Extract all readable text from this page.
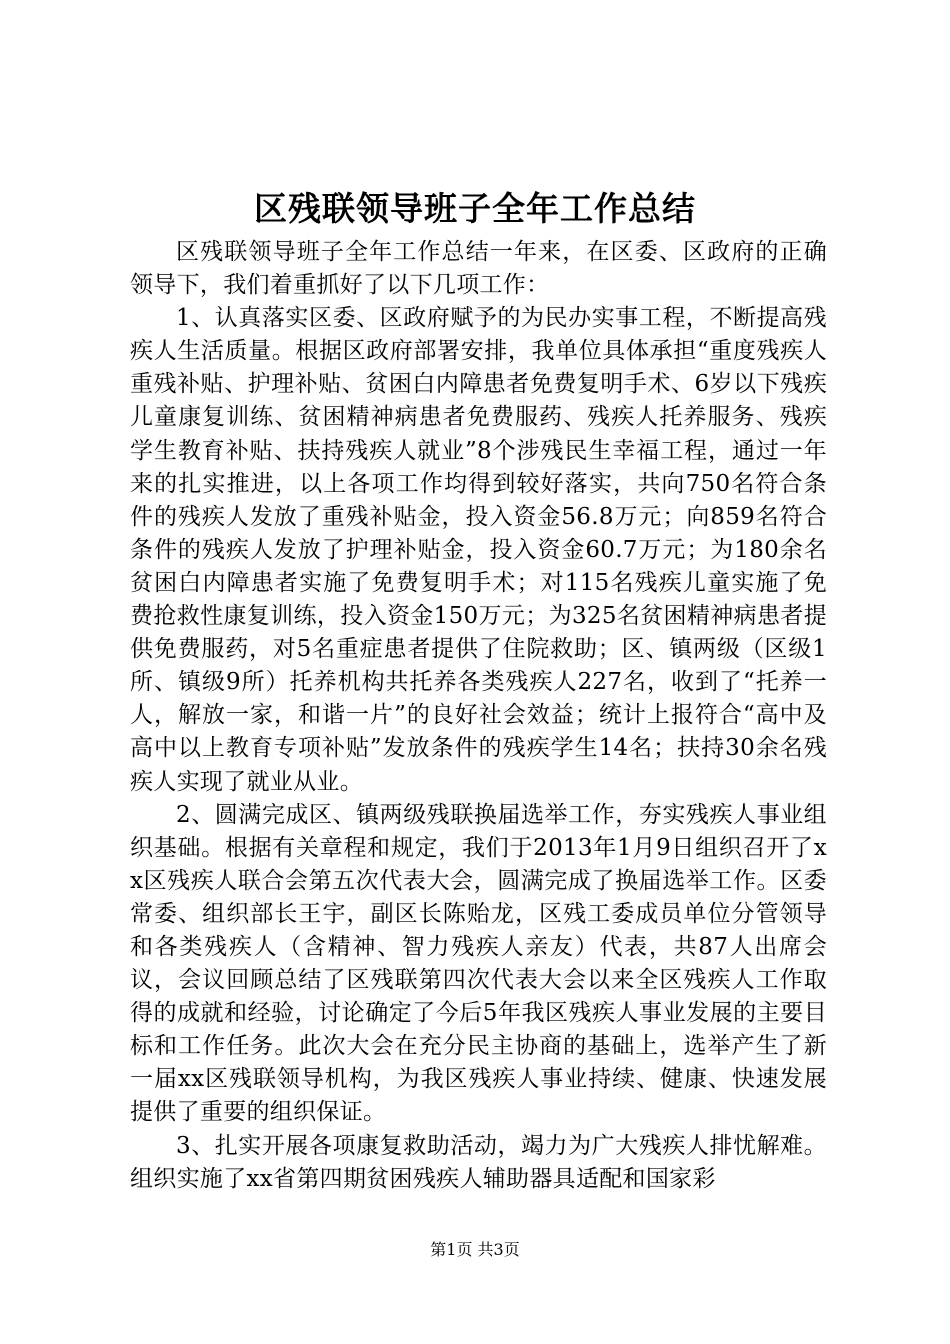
区残联领导班子全年工作总结

区残联领导班子全年工作总结一年来，在区委、区政府的正确领导下，我们着重抓好了以下几项工作：

1、认真落实区委、区政府赋予的为民办实事工程，不断提高残疾人生活质量。根据区政府部署安排，我单位具体承担“重度残疾人重残补贴、护理补贴、贫困白内障患者免费复明手术、6岁以下残疾儿童康复训练、贫困精神病患者免费服药、残疾人托养服务、残疾学生教育补贴、扶持残疾人就业”8个涉残民生幸福工程，通过一年来的扎实推进，以上各项工作均得到较好落实，共向750名符合条件的残疾人发放了重残补贴金，投入资金56.8万元；向859名符合条件的残疾人发放了护理补贴金，投入资金60.7万元；为180余名贫困白内障患者实施了免费复明手术；对115名残疾儿童实施了免费抢救性康复训练，投入资金150万元；为325名贫困精神病患者提供免费服药，对5名重症患者提供了住院救助；区、镇两级（区级1所、镇级9所）托养机构共托养各类残疾人227名，收到了“托养一人，解放一家，和谐一片”的良好社会效益；统计上报符合“高中及高中以上教育专项补贴”发放条件的残疾学生14名；扶持30余名残疾人实现了就业从业。

2、圆满完成区、镇两级残联换届选举工作，夯实残疾人事业组织基础。根据有关章程和规定，我们于2013年1月9日组织召开了xx区残疾人联合会第五次代表大会，圆满完成了换届选举工作。区委常委、组织部长王宇，副区长陈贻龙，区残工委成员单位分管领导和各类残疾人（含精神、智力残疾人亲友）代表，共87人出席会议，会议回顾总结了区残联第四次代表大会以来全区残疾人工作取得的成就和经验，讨论确定了今后5年我区残疾人事业发展的主要目标和工作任务。此次大会在充分民主协商的基础上，选举产生了新一届xx区残联领导机构，为我区残疾人事业持续、健康、快速发展提供了重要的组织保证。

3、扎实开展各项康复救助活动，竭力为广大残疾人排忧解难。组织实施了xx省第四期贫困残疾人辅助器具适配和国家彩

第1页 共3页
